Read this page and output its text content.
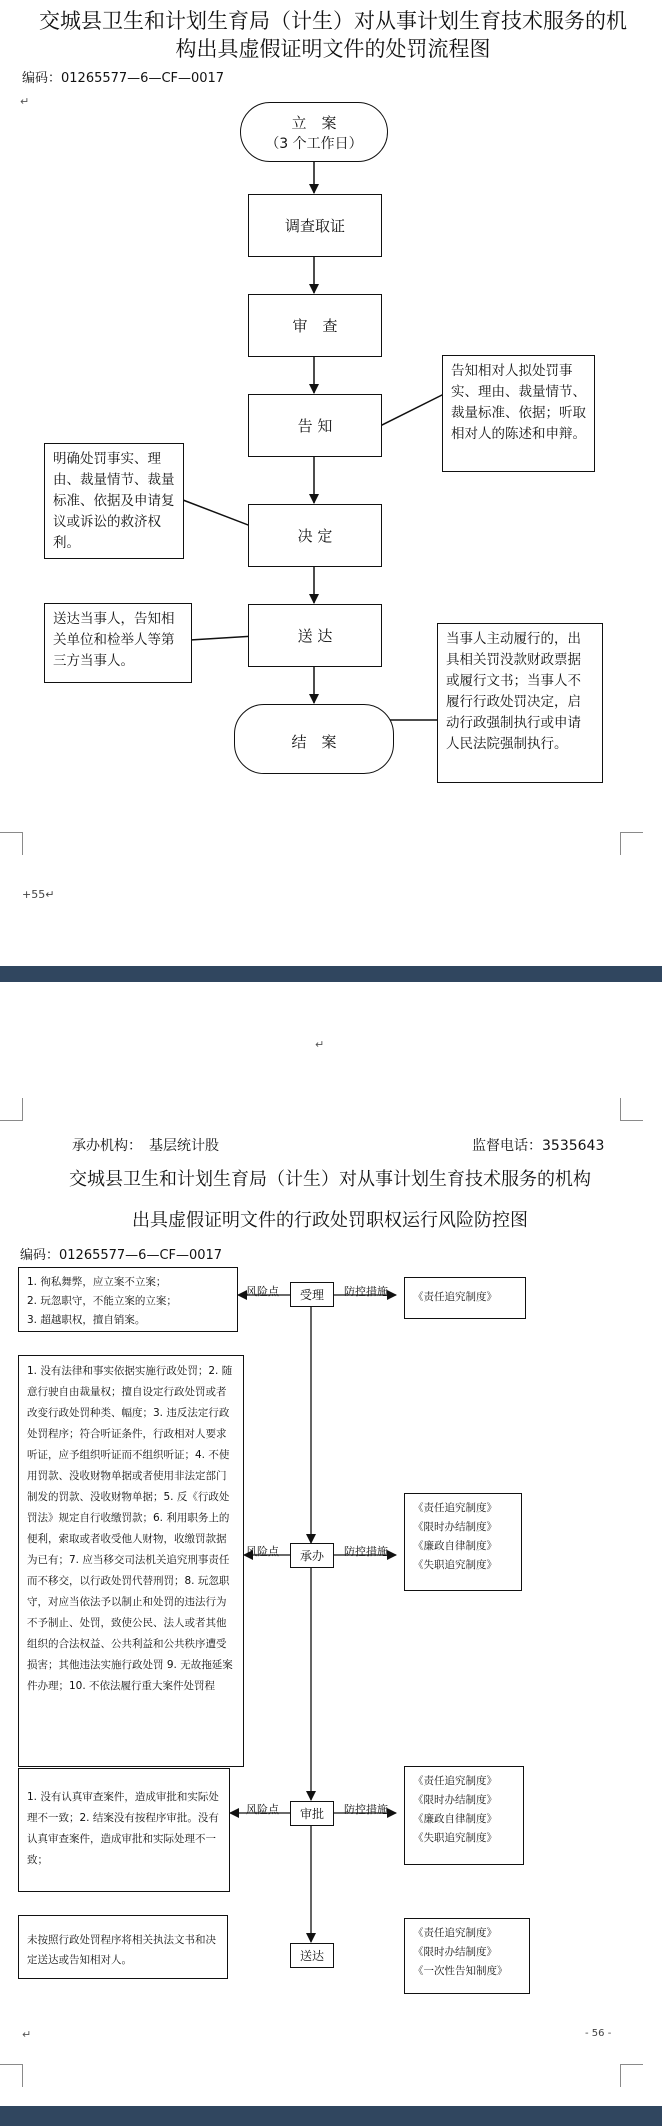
交城县卫生和计划生育局（计生）对从事计划生育技术服务的机
构出具虚假证明文件的处罚流程图
编码：01265577—6—CF—0017
↵
立　案
（3 个工作日）
调查取证
审　查
告 知
决 定
送 达
结　案
告知相对人拟处罚事实、理由、裁量情节、裁量标准、依据；听取相对人的陈述和申辩。
明确处罚事实、理由、裁量情节、裁量标准、依据及申请复议或诉讼的救济权利。
送达当事人，告知相关单位和检举人等第三方当事人。
当事人主动履行的，出具相关罚没款财政票据或履行文书；当事人不履行行政处罚决定，启动行政强制执行或申请人民法院强制执行。
+55↵
↵
承办机构：　基层统计股	监督电话：3535643
交城县卫生和计划生育局（计生）对从事计划生育技术服务的机构
出具虚假证明文件的行政处罚职权运行风险防控图
编码：01265577—6—CF—0017
受理
承办
审批
送达
风险点	防控措施
风险点	防控措施
风险点	防控措施
1. 徇私舞弊，应立案不立案；
2. 玩忽职守，不能立案的立案；
3. 超越职权，擅自销案。
1. 没有法律和事实依据实施行政处罚；2. 随意行驶自由裁量权；擅自设定行政处罚或者改变行政处罚种类、幅度；3. 违反法定行政处罚程序；符合听证条件，行政相对人要求听证，应予组织听证而不组织听证；4. 不使用罚款、没收财物单据或者使用非法定部门制发的罚款、没收财物单据；5. 反《行政处罚法》规定自行收缴罚款；6. 利用职务上的便利，索取或者收受他人财物，收缴罚款据为已有；7. 应当移交司法机关追究刑事责任而不移交，以行政处罚代替刑罚；8. 玩忽职守，对应当依法予以制止和处罚的违法行为不予制止、处罚，致使公民、法人或者其他组织的合法权益、公共利益和公共秩序遭受损害；其他违法实施行政处罚 9. 无故拖延案件办理；10. 不依法履行重大案件处罚程
1. 没有认真审查案件，造成审批和实际处理不一致；2. 结案没有按程序审批。没有认真审查案件，造成审批和实际处理不一致；
未按照行政处罚程序将相关执法文书和决定送达或告知相对人。
《责任追究制度》
《责任追究制度》
《限时办结制度》
《廉政自律制度》
《失职追究制度》
《责任追究制度》
《限时办结制度》
《廉政自律制度》
《失职追究制度》
《责任追究制度》
《限时办结制度》
《一次性告知制度》
↵	- 56 -
